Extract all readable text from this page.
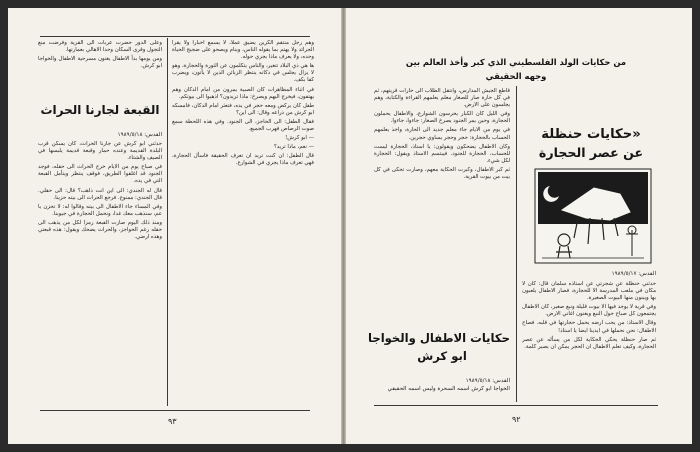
وهم رجل منتقم الكرين يضيق عملا، لا يسمع اخبارا ولا يقرأ الجرائد ولا يهتم بما يقوله الناس، وينام ويصحو على ضجيج الحياة وحده، ولا يعرف ماذا يجري حوله.

ها هي ذي البلاد تتغير، والناس يتكلمون عن الثورة والحجارة، وهو لا يزال يجلس في دكانه ينتظر الزبائن الذين لا يأتون، ويضرب كفا بكف.

في اثناء المظاهرات كان الصبية يمرون من امام الدكان وهم يهتفون، فيخرج اليهم ويصرخ: ماذا تريدون؟ اذهبوا الى بيوتكم.

طفل كان يركض ومعه حجر في يده، فتعثر امام الدكان، فامسكه ابو كرش من ذراعه وقال: الى اين؟

فقال الطفل: الى الحاجز، الى الجنود. وفي هذه اللحظة سمع صوت الرصاص فهرب الجميع.

— ابو كرش!

— نعم، ماذا تريد؟

قال الطفل: ان كنت تريد ان تعرف الحقيقة فاسأل الحجارة، فهي تعرف ماذا يجري في الشوارع.

وعلى الدور حضرت عربات الى القرية وفرضت منع التجول وقرى السكان وحدا الاهالي بعمارتها.

ومن يومها بدأ الاطفال يغنون مسرحية الاطفال والخواجا ابو كرش.

القبعة لجارنا الحراث
القدس: ١٩٨٩/٥/١٨

حدثني ابو كرش عن جارنا الحراث، كان يسكن قرب البلدة القديمة وعنده حمار وقبعة قديمة يلبسها في الصيف والشتاء.

في صباح يوم من الايام خرج الحراث الى حقله، فوجد الجنود قد اغلقوا الطريق، فوقف ينتظر ويتأمل القبعة التي في يده.

قال له الجندي: الى اين انت ذاهب؟ قال: الى حقلي. قال الجندي: ممنوع. فرجع الحراث الى بيته حزينا.

وفي المساء جاء الاطفال الى بيته وقالوا له: لا تحزن يا عم، سنذهب معك غدا، ونحمل الحجارة في جيوبنا.

ومنذ ذلك اليوم صارت القبعة رمزا لكل من يذهب الى حقله رغم الحواجز، والحراث يضحك ويقول: هذه قبعتي وهذه ارضي.

٩٣
من حكايات الولد الفلسطيني الذي كبر وأخذ العالم بين
وجهه الحقيقي
«حكايات حنظلة
عن عصر الحجارة
القدس: ١٩٨٩/٥/١٧

حدثني حنظلة عن شجرتي عن استاذه سلمان قال: كان لا مكان في ملعب المدرسة الا للحجارة، فصار الاطفال يلعبون بها ويبنون منها البيوت الصغيرة.

وفي قرية لا يوجد فيها الا بيوت قليلة ونبع صغير، كان الاطفال يجتمعون كل صباح حول النبع ويغنون اغاني الارض.

وقال الاستاذ: من يحب ارضه يحمل حجارتها في قلبه. فصاح الاطفال: نحن نحملها في ايدينا ايضا يا استاذ!

ثم صار حنظلة يحكي الحكاية لكل من يسأله عن عصر الحجارة، وكيف تعلم الاطفال ان الحجر يمكن ان يصير كلمة.

قاطع الجيش المدارس، وانتقل الطلاب الى حارات قريتهم، ثم في كل حارة صار للصغار معلم يعلمهم القراءة والكتابة، وهم يجلسون على الارض.

وفي الليل كان الكبار يحرسون الشوارع، والاطفال يحملون الحجارة، وحين يمر الجنود يصرخ الصغار: جاءوا، جاءوا.

في يوم من الايام جاء معلم جديد الى الحارة، واخذ يعلمهم الحساب بالحجارة: حجر وحجر يساوي حجرين.

وكان الاطفال يضحكون ويقولون: يا استاذ، الحجارة ليست للحساب، الحجارة للجنود. فيبتسم الاستاذ ويقول: الحجارة لكل شيء.

ثم كبر الاطفال، وكبرت الحكاية معهم، وصارت تحكى في كل بيت من بيوت القرية.

حكايات الاطفال والخواجا
ابو كرش
القدس: ١٩٨٩/٥/١٨
الخواجا ابو كرش اسمه السحرة وليس اسمه الحقيقي
٩٢
